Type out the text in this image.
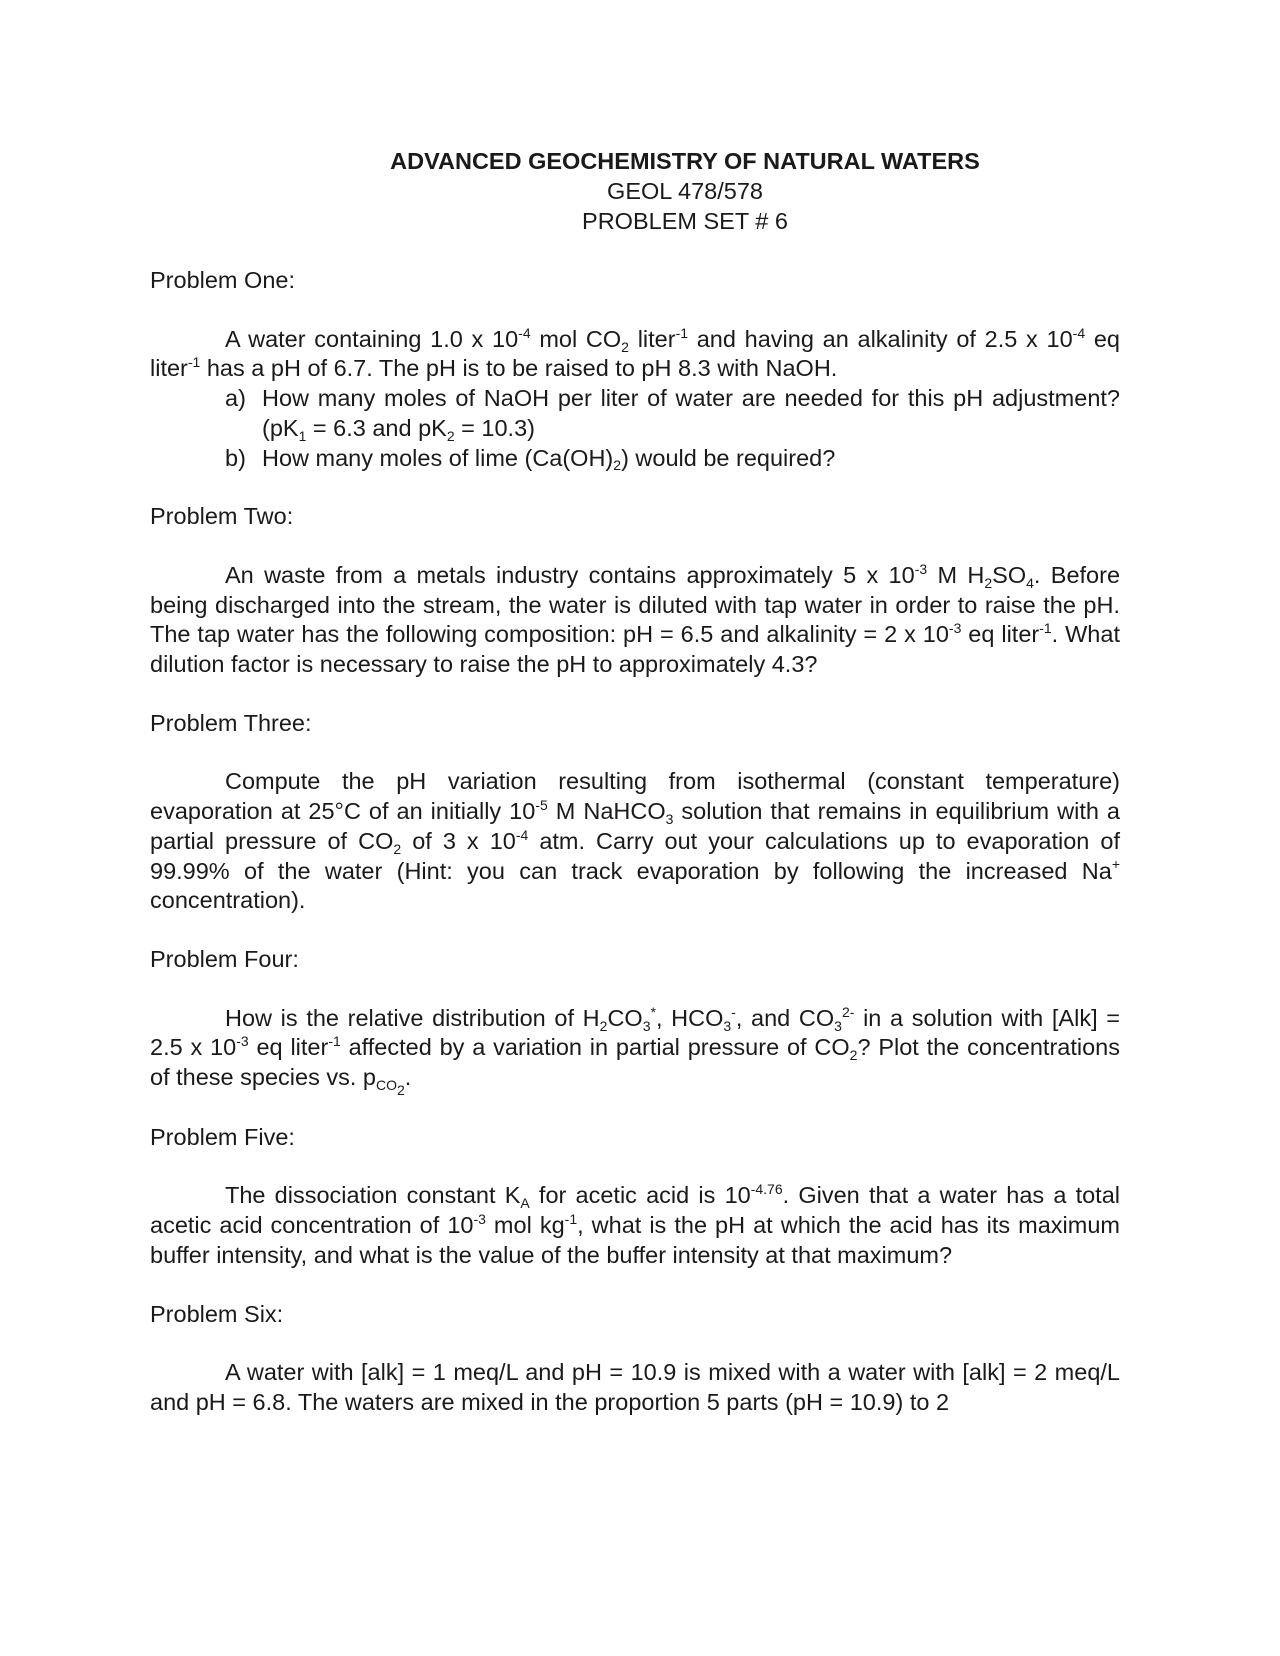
ADVANCED GEOCHEMISTRY OF NATURAL WATERS

GEOL 478/578

PROBLEM SET # 6

Problem One:

A water containing 1.0 x $10^{-4}$ mol $CO_2$ liter$^{-1}$ and having an alkalinity of 2.5 x $10^{-4}$ eq liter$^{-1}$ has a pH of 6.7. The pH is to be raised to pH 8.3 with NaOH.

a) How many moles of NaOH per liter of water are needed for this pH adjustment? ($pK_1 = 6.3$ and $pK_2 = 10.3$)
b) How many moles of lime $(Ca(OH)_2)$ would be required?

Problem Two:

An waste from a metals industry contains approximately 5 x $10^{-3}$ M $H_2SO_4$. Before being discharged into the stream, the water is diluted with tap water in order to raise the pH. The tap water has the following composition: pH = 6.5 and alkalinity = 2 x $10^{-3}$ eq liter$^{-1}$. What dilution factor is necessary to raise the pH to approximately 4.3?

Problem Three:

Compute the pH variation resulting from isothermal (constant temperature) evaporation at 25°C of an initially $10^{-5}$ M NaHCO$_3$ solution that remains in equilibrium with a partial pressure of $CO_2$ of 3 x $10^{-4}$ atm. Carry out your calculations up to evaporation of 99.99% of the water (Hint: you can track evaporation by following the increased Na+ concentration).

Problem Four:

How is the relative distribution of $H_2CO_3^*$, $HCO_3^-$, and $CO_3^{2-}$ in a solution with [Alk] = 2.5 x $10^{-3}$ eq liter$^{-1}$ affected by a variation in partial pressure of $CO_2$? Plot the concentrations of these species vs. $p_{CO_2}$.

Problem Five:

The dissociation constant $K_A$ for acetic acid is $10^{-4.76}$. Given that a water has a total acetic acid concentration of $10^{-3}$ mol $kg^{-1}$, what is the pH at which the acid has its maximum buffer intensity, and what is the value of the buffer intensity at that maximum?

Problem Six:

A water with [alk] = 1 meq/L and pH = 10.9 is mixed with a water with [alk] = 2 meq/L and pH = 6.8. The waters are mixed in the proportion 5 parts (pH = 10.9) to 2
